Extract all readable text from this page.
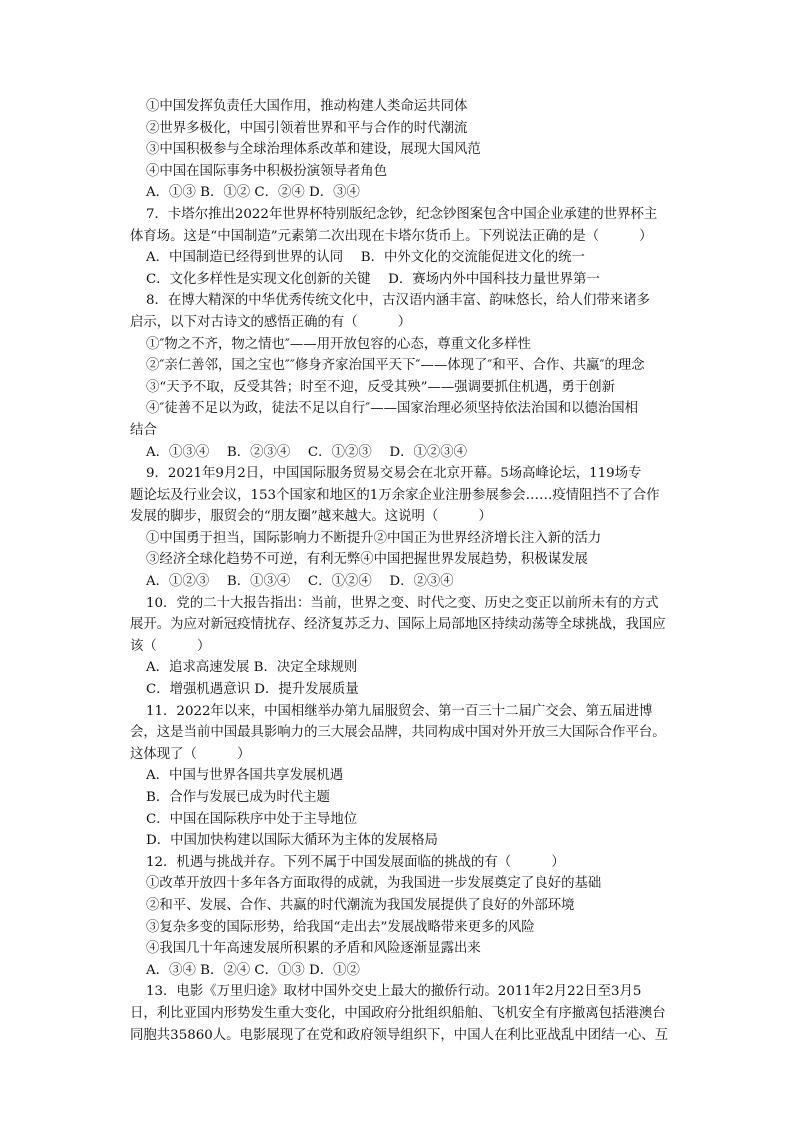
①中国发挥负责任大国作用，推动构建人类命运共同体
②世界多极化，中国引领着世界和平与合作的时代潮流
③中国积极参与全球治理体系改革和建设，展现大国风范
④中国在国际事务中积极扮演领导者角色
A．①③ B．①② C．②④ D．③④
7．卡塔尔推出2022年世界杯特别版纪念钞，纪念钞图案包含中国企业承建的世界杯主
体育场。这是“中国制造”元素第二次出现在卡塔尔货币上。下列说法正确的是（　　　）
A．中国制造已经得到世界的认同　 B．中外文化的交流能促进文化的统一
C．文化多样性是实现文化创新的关键　 D．赛场内外中国科技力量世界第一
8．在博大精深的中华优秀传统文化中，古汉语内涵丰富、韵味悠长，给人们带来诸多
启示，以下对古诗文的感悟正确的有（　　　）
①″物之不齐，物之情也″——用开放包容的心态，尊重文化多样性
②″亲仁善邻，国之宝也″″修身齐家治国平天下″——体现了″和平、合作、共赢″的理念
③“天予不取，反受其咎；时至不迎，反受其殃”——强调要抓住机遇，勇于创新
④″徒善不足以为政，徒法不足以自行″——国家治理必须坚持依法治国和以德治国相
结合
A．①③④　 B．②③④　 C．①②③　 D．①②③④
9．2021年9月2日，中国国际服务贸易交易会在北京开幕。5场高峰论坛，119场专
题论坛及行业会议，153个国家和地区的1万余家企业注册参展参会……疫情阻挡不了合作
发展的脚步，服贸会的“朋友圈”越来越大。这说明（　　　）
①中国勇于担当，国际影响力不断提升②中国正为世界经济增长注入新的活力
③经济全球化趋势不可逆，有利无弊④中国把握世界发展趋势，积极谋发展
A．①②③　 B．①③④　 C．①②④　 D．②③④
10．党的二十大报告指出：当前，世界之变、时代之变、历史之变正以前所未有的方式
展开。为应对新冠疫情扰存、经济复苏乏力、国际上局部地区持续动荡等全球挑战，我国应
该（　　　）
A．追求高速发展 B．决定全球规则
C．增强机遇意识 D．提升发展质量
11．2022年以来，中国相继举办第九届服贸会、第一百三十二届广交会、第五届进博
会，这是当前中国最具影响力的三大展会品牌，共同构成中国对外开放三大国际合作平台。
这体现了（　　　）
A．中国与世界各国共享发展机遇
B．合作与发展已成为时代主题
C．中国在国际秩序中处于主导地位
D．中国加快构建以国际大循环为主体的发展格局
12．机遇与挑战并存。下列不属于中国发展面临的挑战的有（　　　）
①改革开放四十多年各方面取得的成就，为我国进一步发展奠定了良好的基础
②和平、发展、合作、共赢的时代潮流为我国发展提供了良好的外部环境
③复杂多变的国际形势，给我国“走出去”发展战略带来更多的风险
④我国几十年高速发展所积累的矛盾和风险逐渐显露出来
A．③④ B．②④ C．①③ D．①②
13．电影《万里归途》取材中国外交史上最大的撤侨行动。2011年2月22日至3月5
日，利比亚国内形势发生重大变化，中国政府分批组织船舶、飞机安全有序撤离包括港澳台
同胞共35860人。电影展现了在党和政府领导组织下，中国人在利比亚战乱中团结一心、互
